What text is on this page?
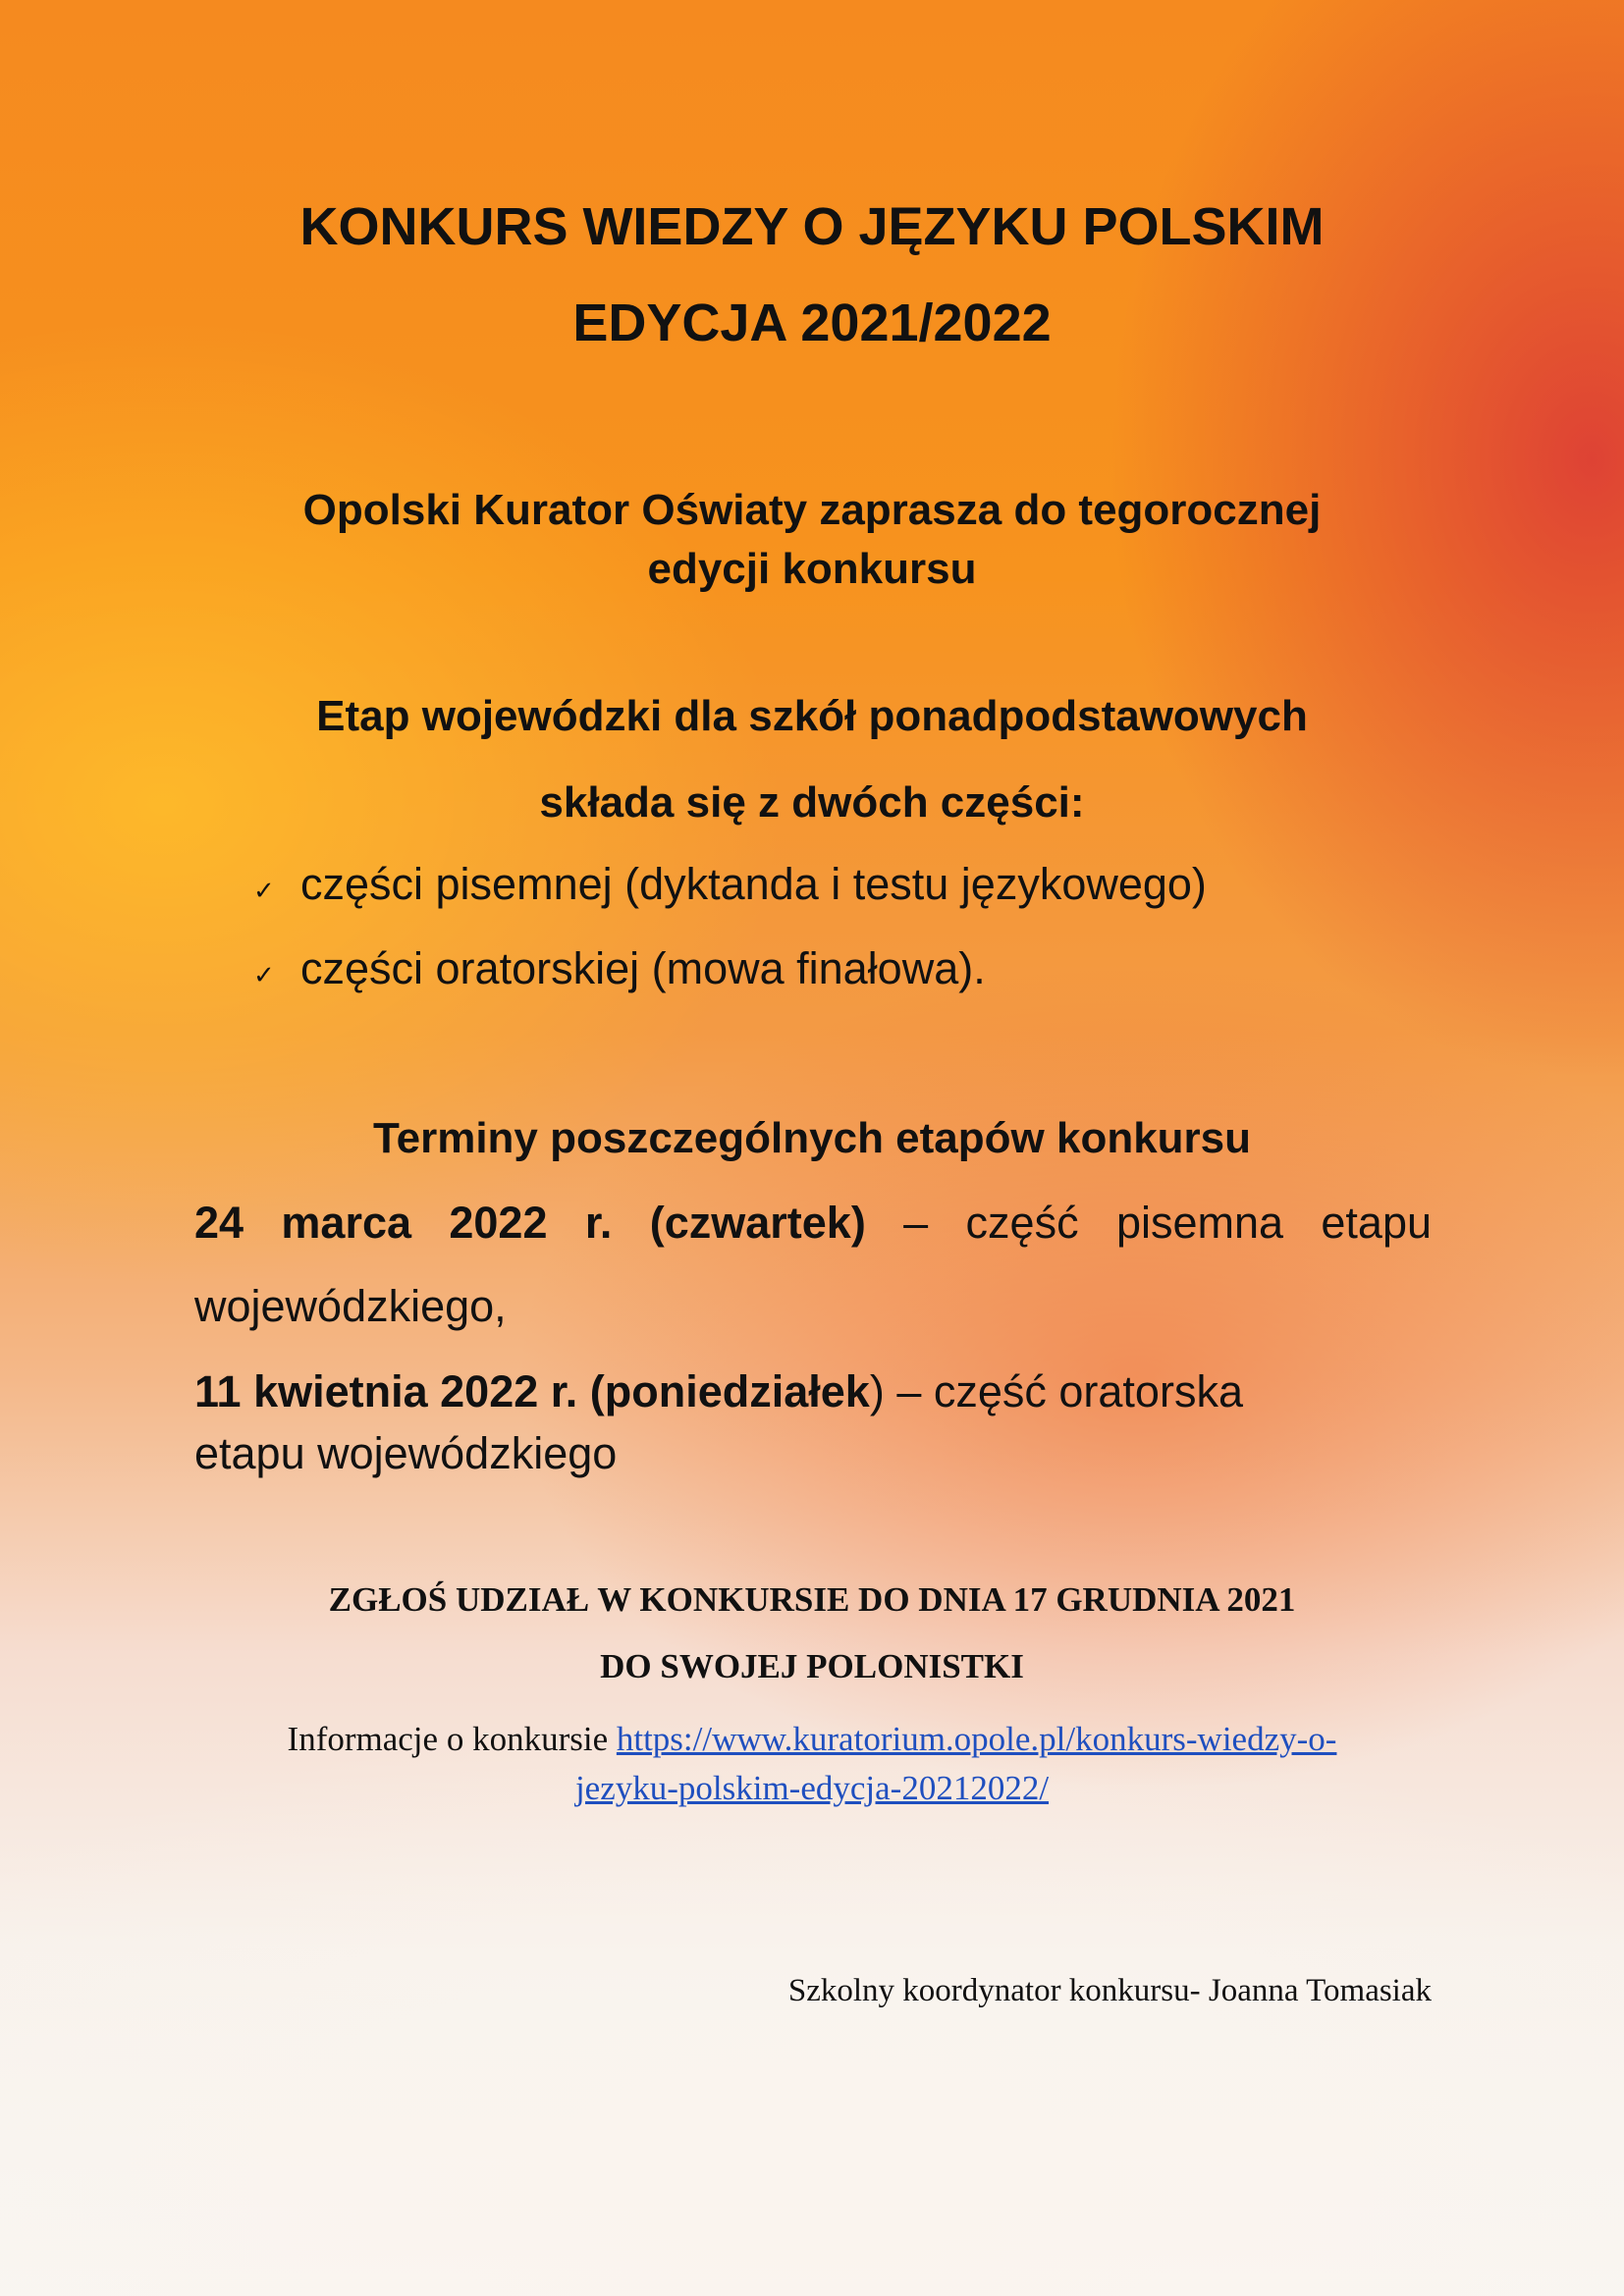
KONKURS WIEDZY O JĘZYKU POLSKIM
EDYCJA 2021/2022
Opolski Kurator Oświaty zaprasza do tegorocznej
edycji konkursu
Etap wojewódzki dla szkół ponadpodstawowych
składa się z dwóch części:
✓ części pisemnej (dyktanda i testu językowego)
✓ części oratorskiej (mowa finałowa).
Terminy poszczególnych etapów konkursu
24 marca 2022 r. (czwartek) – część pisemna etapu
wojewódzkiego,
11 kwietnia 2022 r. (poniedziałek) – część oratorska
etapu wojewódzkiego
ZGŁOŚ UDZIAŁ W KONKURSIE DO DNIA 17 GRUDNIA 2021
DO SWOJEJ POLONISTKI
Informacje o konkursie https://www.kuratorium.opole.pl/konkurs-wiedzy-o-
jezyku-polskim-edycja-20212022/
Szkolny koordynator konkursu- Joanna Tomasiak
